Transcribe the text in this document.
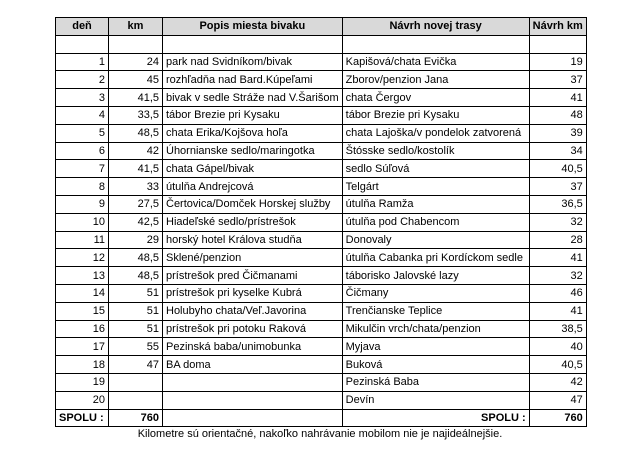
deň	km	Popis miesta bivaku	Návrh novej trasy	Návrh km

1	24	park nad Svidníkom/bivak	Kapišová/chata Evička	19
2	45	rozhľadňa nad Bard.Kúpeľami	Zborov/penzion Jana	37
3	41,5	bivak v sedle Stráže nad V.Šarišom	chata Čergov	41
4	33,5	tábor Brezie pri Kysaku	tábor Brezie pri Kysaku	48
5	48,5	chata Erika/Kojšova hoľa	chata Lajoška/v pondelok zatvorená	39
6	42	Úhornianske sedlo/maringotka	Štósske sedlo/kostolík	34
7	41,5	chata Gápel/bivak	sedlo Súľová	40,5
8	33	útulňa Andrejcová	Telgárt	37
9	27,5	Čertovica/Domček Horskej služby	útulňa Ramža	36,5
10	42,5	Hiadeľské sedlo/prístrešok	útulňa pod Chabencom	32
11	29	horský hotel Králova studňa	Donovaly	28
12	48,5	Sklené/penzion	útulňa Cabanka pri Kordíckom sedle	41
13	48,5	prístrešok pred Čičmanami	táborisko Jalovské lazy	32
14	51	prístrešok pri kyselke Kubrá	Čičmany	46
15	51	Holubyho chata/Veľ.Javorina	Trenčianske Teplice	41
16	51	prístrešok pri potoku Raková	Mikulčin vrch/chata/penzion	38,5
17	55	Pezinská baba/unimobunka	Myjava	40
18	47	BA doma	Buková	40,5
19			Pezinská Baba	42
20			Devín	47
SPOLU :	760		SPOLU :	760
Kilometre sú orientačné, nakoľko nahrávanie mobilom nie je najideálnejšie.
